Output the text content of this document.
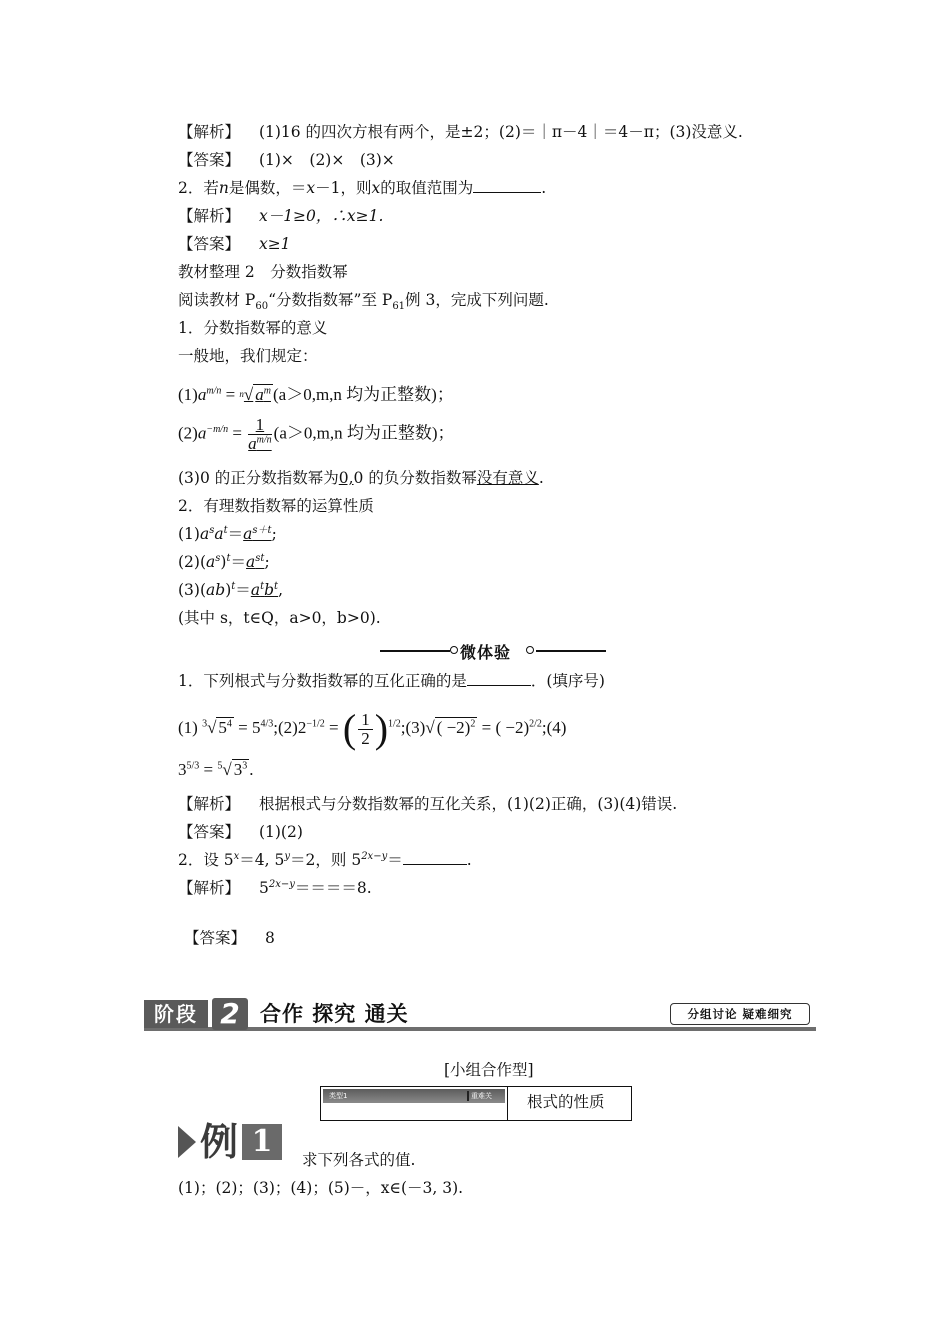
【解析】 (1)16 的四次方根有两个，是±2；(2)＝｜π－4｜＝4－π；(3)没意义.
【答案】 (1)×　(2)×　(3)×
2．若n是偶数，＝x－1，则x的取值范围为	.
【解析】 x－1≥0，∴x≥1.
【答案】 x≥1
教材整理 2　分数指数幂
阅读教材 $P_{60}“$分数指数幂”至 $P_{61}$例 3，完成下列问题.
1．分数指数幂的意义
一般地，我们规定：
$(1)a^{m/n} = ^n√$ $a^m$ (a＞0,m,n 均为正整数)；
$(2)a^{-m/n} = \frac{1}{a^{m/n}} (a>0,m,n$ 均为正整数)；
(3)0 的正分数指数幂为0,0 的负分数指数幂没有意义.
2．有理数指数幂的运算性质
$(1)a^sa^t=a^{s+t}$;
$(2)(a^s)^t=a^{st}$;
$(3)(ab)^t=a^tb^t$,
(其中 s，t∈Q，a>0，b>0).
微体验
1．下列根式与分数指数幂的互化正确的是	．(填序号)
(1) $^3$√ $5^4$ = $5^{4/3};(2)2^{-1/2}$ = ( $\frac{1}{2}$ )$^{1/2}$;(3)√ ( −2)$^2$ = ( −2)$^{2/2}$;(4)
$3^{5/3} = ^5√$ $3^3$ .
【解析】 根据根式与分数指数幂的互化关系，(1)(2)正确，(3)(4)错误.
【答案】 (1)(2)
2．设 $5^x=4$, $5^y=2$，则 $5^{2x-y}=$	.
【解析】 $5^{2x-y}====8$.
【答案】 8
阶段 2 合作 探究 通关	分组讨论 疑难细究
[小组合作型]
类型1	重难关 根式的性质
例 1
求下列各式的值.
(1)；(2)；(3)；(4)；(5)－，x∈(－3, 3).
